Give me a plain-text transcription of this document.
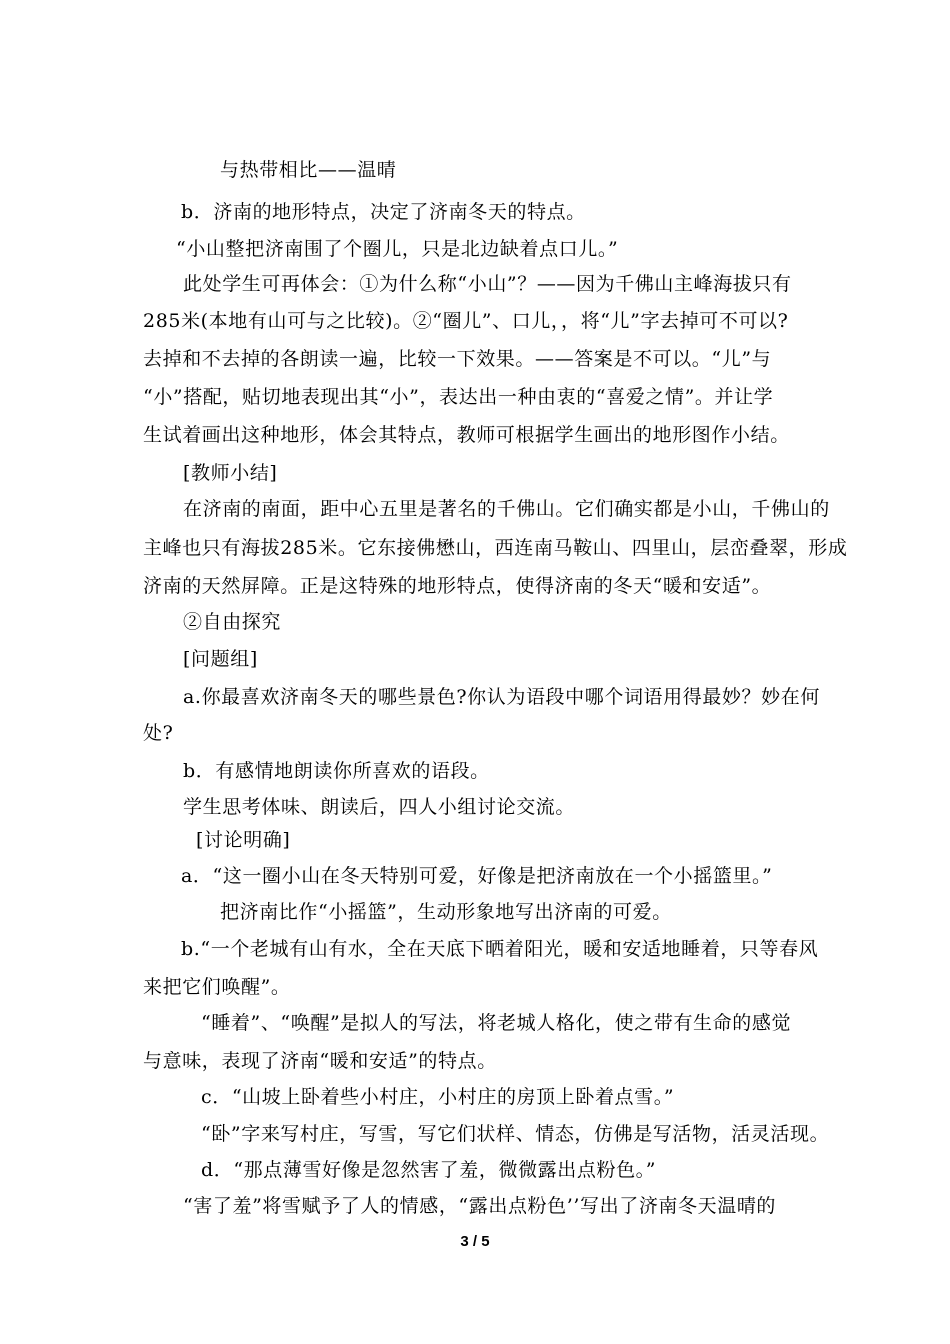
与热带相比——温晴
b．济南的地形特点，决定了济南冬天的特点。
“小山整把济南围了个圈儿，只是北边缺着点口儿。”
此处学生可再体会：①为什么称“小山”？——因为千佛山主峰海拔只有
285米(本地有山可与之比较)。②“圈儿”、口儿，，将“儿”字去掉可不可以?
去掉和不去掉的各朗读一遍，比较一下效果。——答案是不可以。“儿”与
“小”搭配，贴切地表现出其“小”，表达出一种由衷的“喜爱之情”。并让学
生试着画出这种地形，体会其特点，教师可根据学生画出的地形图作小结。
[教师小结]
在济南的南面，距中心五里是著名的千佛山。它们确实都是小山，千佛山的
主峰也只有海拔285米。它东接佛懋山，西连南马鞍山、四里山，层峦叠翠，形成
济南的天然屏障。正是这特殊的地形特点，使得济南的冬天“暖和安适”。
②自由探究
[问题组]
a.你最喜欢济南冬天的哪些景色?你认为语段中哪个词语用得最妙？妙在何
处?
b．有感情地朗读你所喜欢的语段。
学生思考体味、朗读后，四人小组讨论交流。
[讨论明确]
a．“这一圈小山在冬天特别可爱，好像是把济南放在一个小摇篮里。”
把济南比作“小摇篮”，生动形象地写出济南的可爱。
b.“一个老城有山有水，全在天底下晒着阳光，暖和安适地睡着，只等春风
来把它们唤醒”。
“睡着”、“唤醒”是拟人的写法，将老城人格化，使之带有生命的感觉
与意味，表现了济南“暖和安适”的特点。
c．“山坡上卧着些小村庄，小村庄的房顶上卧着点雪。”
“卧”字来写村庄，写雪，写它们状样、情态，仿佛是写活物，活灵活现。
d．“那点薄雪好像是忽然害了羞，微微露出点粉色。”
“害了羞”将雪赋予了人的情感，“露出点粉色’’写出了济南冬天温晴的
3 / 5
